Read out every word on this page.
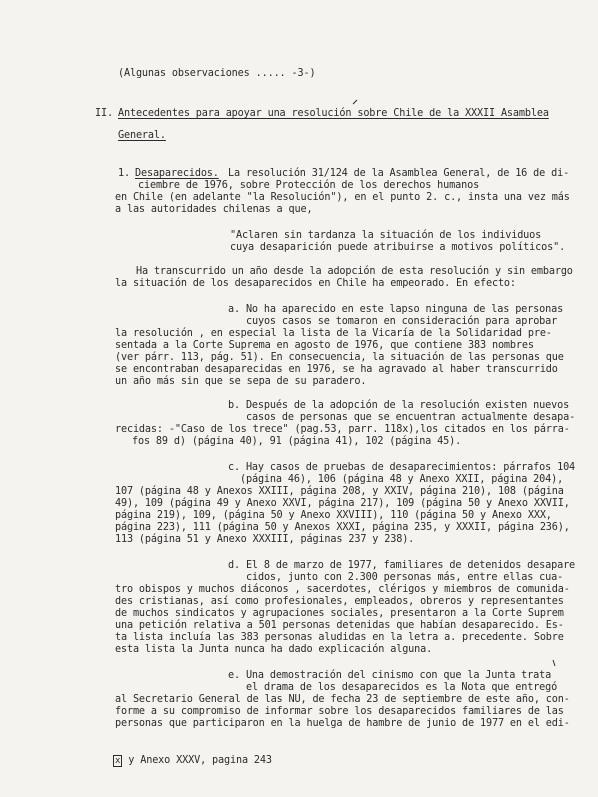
(Algunas observaciones ..... -3-)
II. Antecedentes para apoyar una resolución sobre Chile de la XXXII Asamblea
General.
1. Desaparecidos. La resolución 31/124 de la Asamblea General, de 16 de di-
ciembre de 1976, sobre Protección de los derechos humanos
en Chile (en adelante "la Resolución"), en el punto 2. c., insta una vez más
a las autoridades chilenas a que,
"Aclaren sin tardanza la situación de los individuos
cuya desaparición puede atribuirse a motivos políticos".
Ha transcurrido un año desde la adopción de esta resolución y sin embargo
la situación de los desaparecidos en Chile ha empeorado. En efecto:
a. No ha aparecido en este lapso ninguna de las personas
cuyos casos se tomaron en consideración para aprobar
la resolución , en especial la lista de la Vicaría de la Solidaridad pre-
sentada a la Corte Suprema en agosto de 1976, que contiene 383 nombres
(ver párr. 113, pág. 51). En consecuencia, la situación de las personas que
se encontraban desaparecidas en 1976, se ha agravado al haber transcurrido
un año más sin que se sepa de su paradero.
b. Después de la adopción de la resolución existen nuevos
casos de personas que se encuentran actualmente desapa-
recidas: -"Caso de los trece" (pag.53, parr. 118x),los citados en los párra-
fos 89 d) (página 40), 91 (página 41), 102 (página 45).
c. Hay casos de pruebas de desaparecimientos: párrafos 104
(página 46), 106 (página 48 y Anexo XXII, página 204),
107 (página 48 y Anexos XXIII, página 208, y XXIV, página 210), 108 (página
49), 109 (página 49 y Anexo XXVI, página 217), 109 (página 50 y Anexo XXVII,
página 219), 109, (página 50 y Anexo XXVIII), 110 (página 50 y Anexo XXX,
página 223), 111 (página 50 y Anexos XXXI, página 235, y XXXII, página 236),
113 (página 51 y Anexo XXXIII, páginas 237 y 238).
d. El 8 de marzo de 1977, familiares de detenidos desapare
cidos, junto con 2.300 personas más, entre ellas cua-
tro obispos y muchos diáconos , sacerdotes, clérigos y miembros de comunida-
des cristianas, así como profesionales, empleados, obreros y representantes
de muchos sindicatos y agrupaciones sociales, presentaron a la Corte Suprem
una petición relativa a 501 personas detenidas que habían desaparecido. Es-
ta lista incluía las 383 personas aludidas en la letra a. precedente. Sobre
esta lista la Junta nunca ha dado explicación alguna.
e. Una demostración del cinismo con que la Junta trata
el drama de los desaparecidos es la Nota que entregó
al Secretario General de las NU, de fecha 23 de septiembre de este año, con-
forme a su compromiso de informar sobre los desaparecidos familiares de las
personas que participaron en la huelga de hambre de junio de 1977 en el edi-
x y Anexo XXXV, pagina 243
